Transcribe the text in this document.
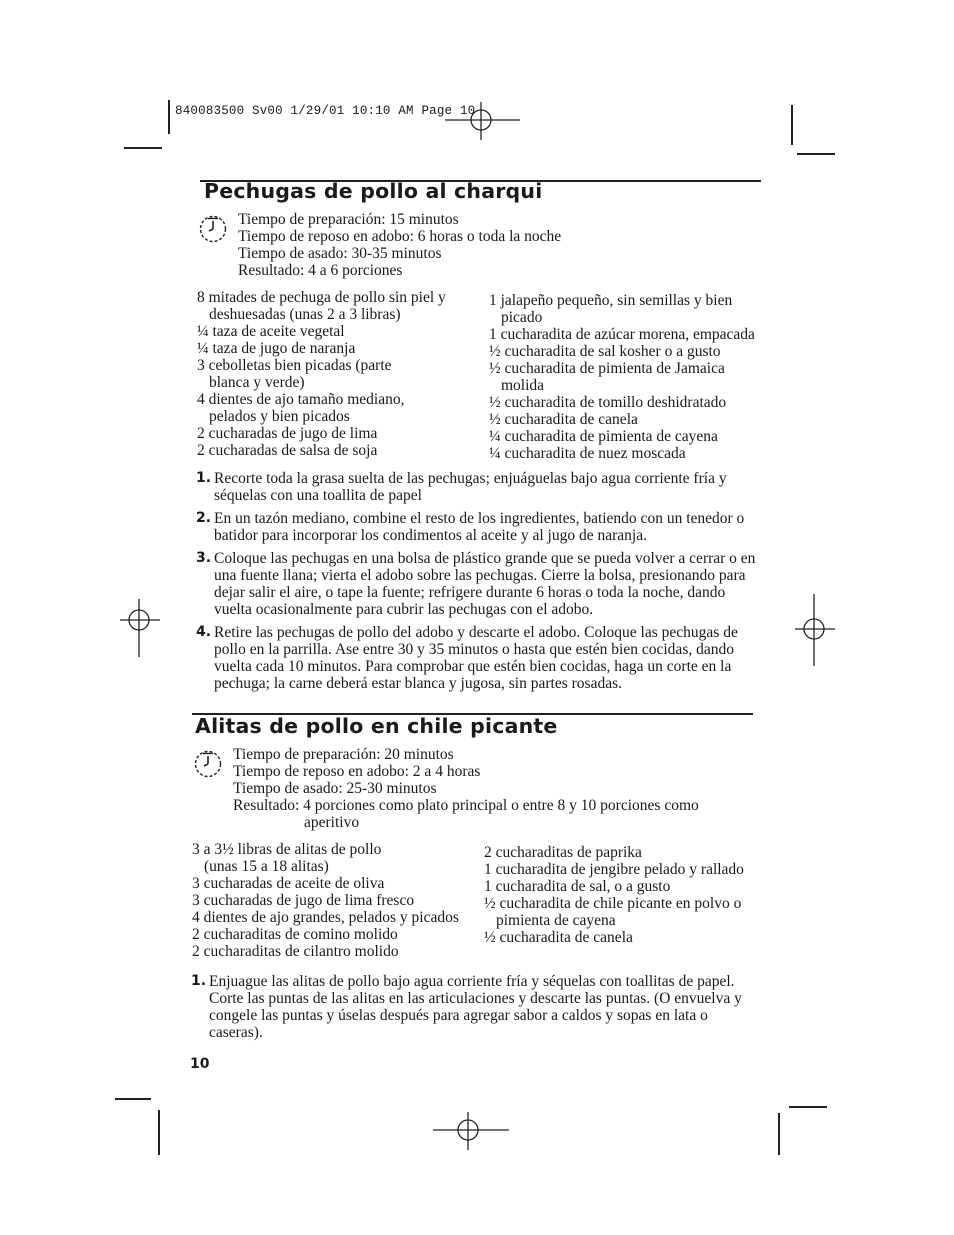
840083500 Sv00 1/29/01 10:10 AM Page 10
Pechugas de pollo al charqui
Tiempo de preparación: 15 minutos
Tiempo de reposo en adobo: 6 horas o toda la noche
Tiempo de asado: 30-35 minutos
Resultado: 4 a 6 porciones
8 mitades de pechuga de pollo sin piel y deshuesadas (unas 2 a 3 libras)
¼ taza de aceite vegetal
¼ taza de jugo de naranja
3 cebolletas bien picadas (parte blanca y verde)
4 dientes de ajo tamaño mediano, pelados y bien picados
2 cucharadas de jugo de lima
2 cucharadas de salsa de soja
1 jalapeño pequeño, sin semillas y bien picado
1 cucharadita de azúcar morena, empacada
½ cucharadita de sal kosher o a gusto
½ cucharadita de pimienta de Jamaica molida
½ cucharadita de tomillo deshidratado
½ cucharadita de canela
¼ cucharadita de pimienta de cayena
¼ cucharadita de nuez moscada
1. Recorte toda la grasa suelta de las pechugas; enjuáguelas bajo agua corriente fría y séquelas con una toallita de papel
2. En un tazón mediano, combine el resto de los ingredientes, batiendo con un tenedor o batidor para incorporar los condimentos al aceite y al jugo de naranja.
3. Coloque las pechugas en una bolsa de plástico grande que se pueda volver a cerrar o en una fuente llana; vierta el adobo sobre las pechugas. Cierre la bolsa, presionando para dejar salir el aire, o tape la fuente; refrigere durante 6 horas o toda la noche, dando vuelta ocasionalmente para cubrir las pechugas con el adobo.
4. Retire las pechugas de pollo del adobo y descarte el adobo. Coloque las pechugas de pollo en la parrilla. Ase entre 30 y 35 minutos o hasta que estén bien cocidas, dando vuelta cada 10 minutos. Para comprobar que estén bien cocidas, haga un corte en la pechuga; la carne deberá estar blanca y jugosa, sin partes rosadas.
Alitas de pollo en chile picante
Tiempo de preparación: 20 minutos
Tiempo de reposo en adobo: 2 a 4 horas
Tiempo de asado: 25-30 minutos
Resultado: 4 porciones como plato principal o entre 8 y 10 porciones como
aperitivo
3 a 3½ libras de alitas de pollo (unas 15 a 18 alitas)
3 cucharadas de aceite de oliva
3 cucharadas de jugo de lima fresco
4 dientes de ajo grandes, pelados y picados
2 cucharaditas de comino molido
2 cucharaditas de cilantro molido
2 cucharaditas de paprika
1 cucharadita de jengibre pelado y rallado
1 cucharadita de sal, o a gusto
½ cucharadita de chile picante en polvo o pimienta de cayena
½ cucharadita de canela
1. Enjuague las alitas de pollo bajo agua corriente fría y séquelas con toallitas de papel. Corte las puntas de las alitas en las articulaciones y descarte las puntas. (O envuelva y congele las puntas y úselas después para agregar sabor a caldos y sopas en lata o caseras).
10
